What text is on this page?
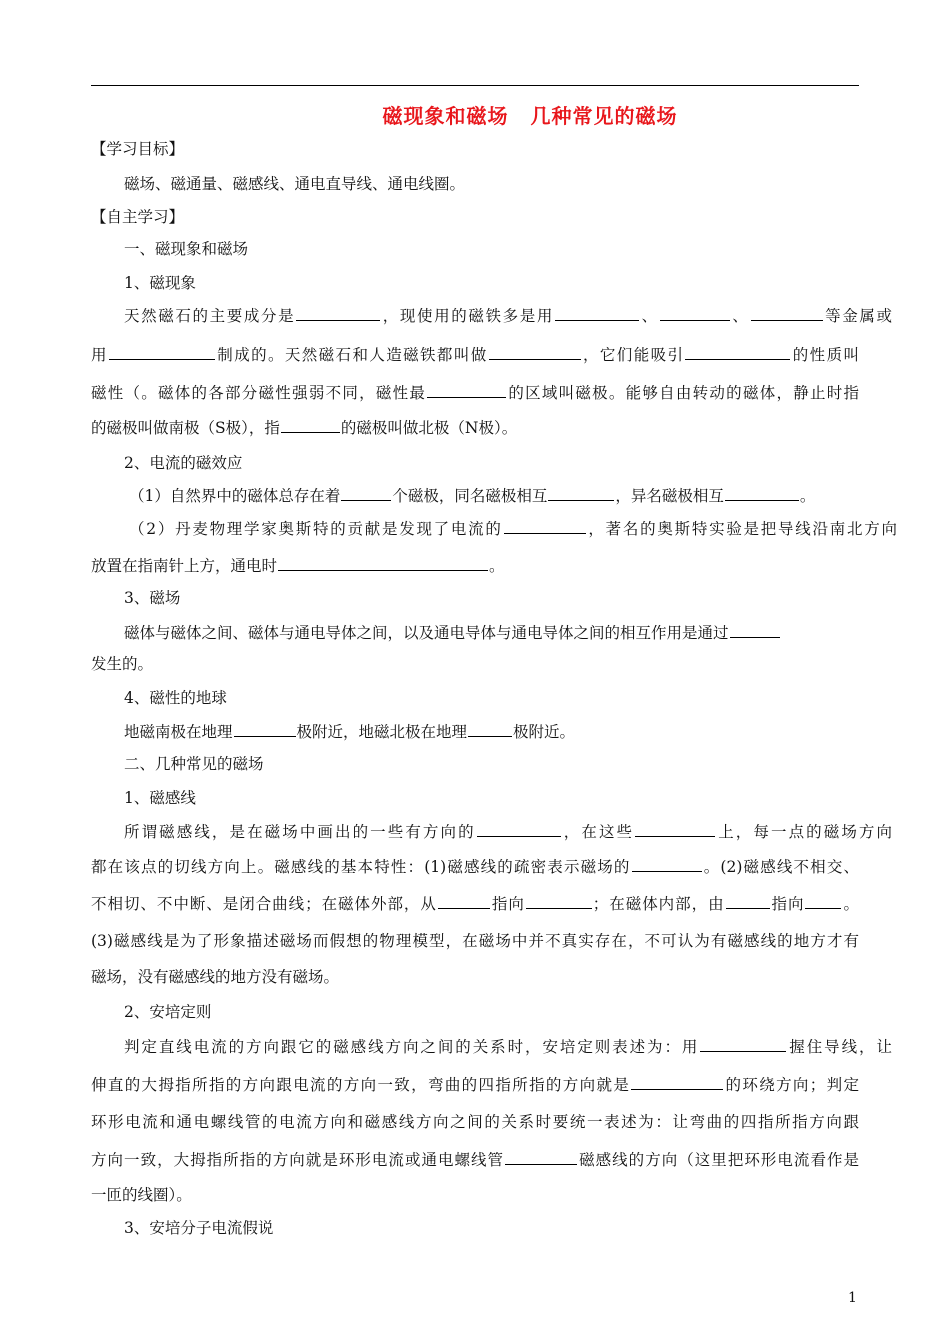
磁现象和磁场 几种常见的磁场
【学习目标】
磁场、磁通量、磁感线、通电直导线、通电线圈。
【自主学习】
一、磁现象和磁场
1、磁现象
天然磁石的主要成分是	，现使用的磁铁多是用	、	、	等金属或
用	制成的。天然磁石和人造磁铁都叫做	，它们能吸引	的性质叫
磁性（。磁体的各部分磁性强弱不同，磁性最	的区域叫磁极。能够自由转动的磁体，静止时指
的磁极叫做南极（S极），指	的磁极叫做北极（N极）。
2、电流的磁效应
（1）自然界中的磁体总存在着	个磁极，同名磁极相互	，异名磁极相互	。
（2）丹麦物理学家奥斯特的贡献是发现了电流的	，著名的奥斯特实验是把导线沿南北方向
放置在指南针上方，通电时	。
3、磁场
磁体与磁体之间、磁体与通电导体之间，以及通电导体与通电导体之间的相互作用是通过
发生的。
4、磁性的地球
地磁南极在地理	极附近，地磁北极在地理	极附近。
二、几种常见的磁场
1、磁感线
所谓磁感线，是在磁场中画出的一些有方向的	，在这些	上，每一点的磁场方向
都在该点的切线方向上。磁感线的基本特性：(1)磁感线的疏密表示磁场的	。(2)磁感线不相交、
不相切、不中断、是闭合曲线；在磁体外部，从	指向	；在磁体内部，由	指向 。
(3)磁感线是为了形象描述磁场而假想的物理模型，在磁场中并不真实存在，不可认为有磁感线的地方才有
磁场，没有磁感线的地方没有磁场。
2、安培定则
判定直线电流的方向跟它的磁感线方向之间的关系时，安培定则表述为：用	握住导线，让
伸直的大拇指所指的方向跟电流的方向一致，弯曲的四指所指的方向就是	的环绕方向；判定
环形电流和通电螺线管的电流方向和磁感线方向之间的关系时要统一表述为：让弯曲的四指所指方向跟
方向一致，大拇指所指的方向就是环形电流或通电螺线管	磁感线的方向（这里把环形电流看作是
一匝的线圈）。
3、安培分子电流假说
1
